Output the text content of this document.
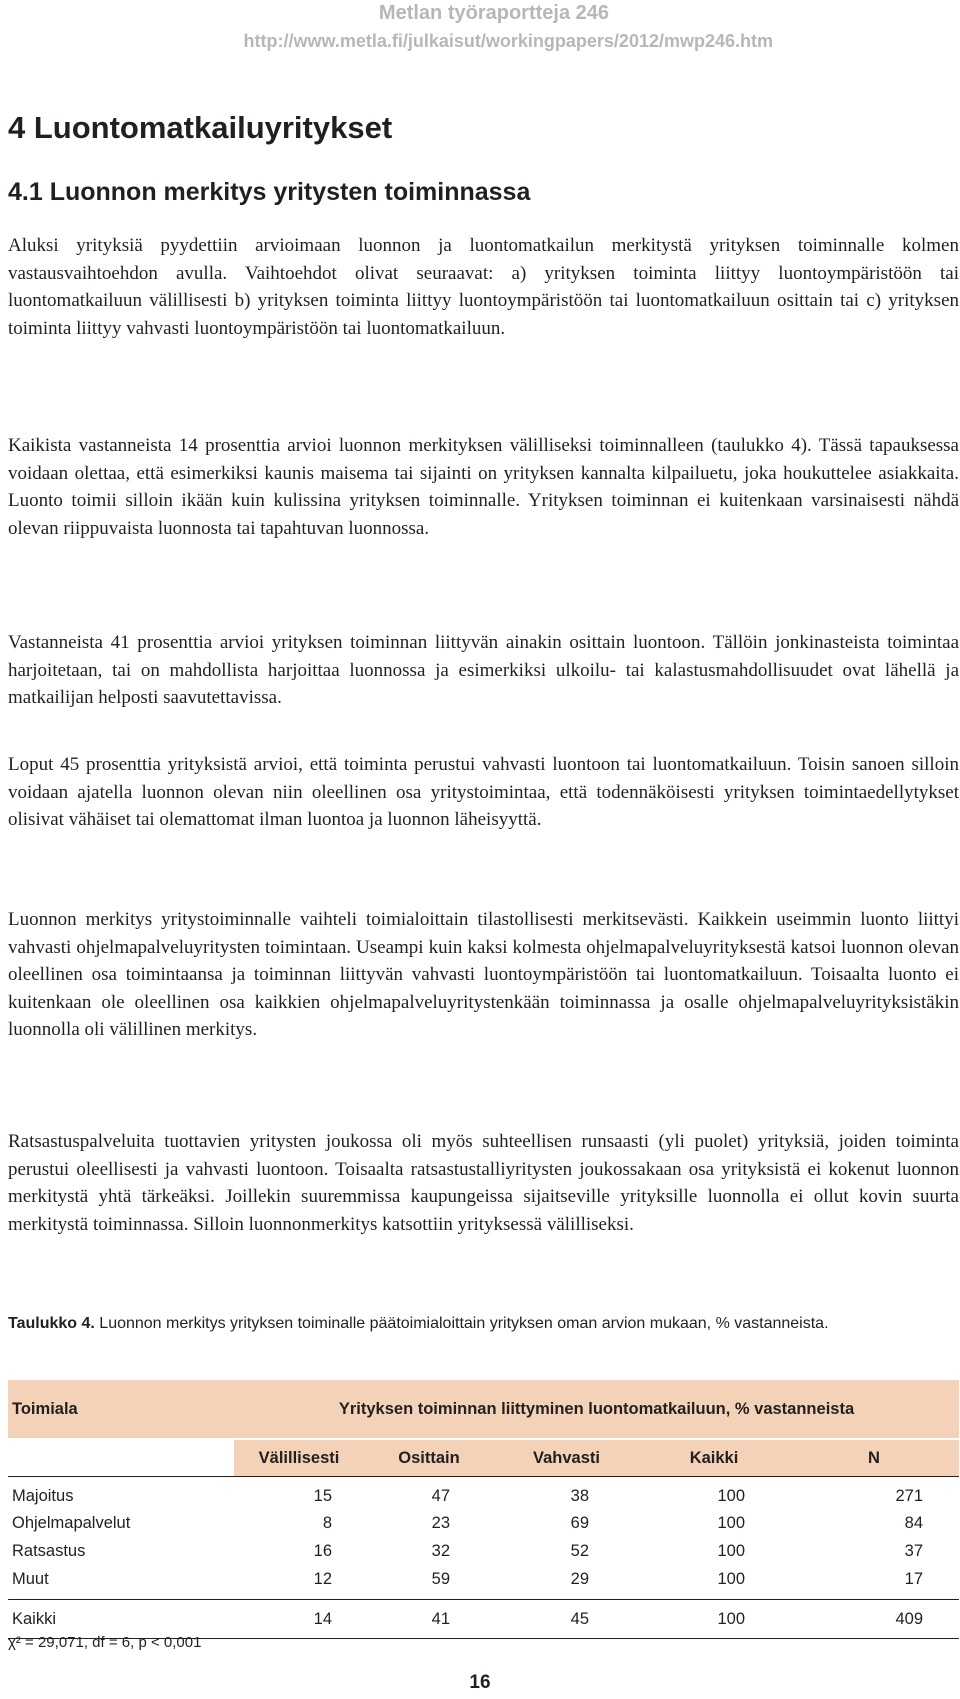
Metlan työraportteja 246
http://www.metla.fi/julkaisut/workingpapers/2012/mwp246.htm
4 Luontomatkailuyritykset
4.1 Luonnon merkitys yritysten toiminnassa

Aluksi yrityksiä pyydettiin arvioimaan luonnon ja luontomatkailun merkitystä yrityksen toiminnalle kolmen vastausvaihtoehdon avulla. Vaihtoehdot olivat seuraavat: a) yrityksen toiminta liittyy luontoympäristöön tai luontomatkailuun välillisesti b) yrityksen toiminta liittyy luontoympäristöön tai luontomatkailuun osittain tai c) yrityksen toiminta liittyy vahvasti luontoympäristöön tai luontomatkailuun.

Kaikista vastanneista 14 prosenttia arvioi luonnon merkityksen välilliseksi toiminnalleen (taulukko 4). Tässä tapauksessa voidaan olettaa, että esimerkiksi kaunis maisema tai sijainti on yrityksen kannalta kilpailuetu, joka houkuttelee asiakkaita. Luonto toimii silloin ikään kuin kulissina yrityksen toiminnalle. Yrityksen toiminnan ei kuitenkaan varsinaisesti nähdä olevan riippuvaista luonnosta tai tapahtuvan luonnossa.

Vastanneista 41 prosenttia arvioi yrityksen toiminnan liittyvän ainakin osittain luontoon. Tällöin jonkinasteista toimintaa harjoitetaan, tai on mahdollista harjoittaa luonnossa ja esimerkiksi ulkoilu- tai kalastusmahdollisuudet ovat lähellä ja matkailijan helposti saavutettavissa.

Loput 45 prosenttia yrityksistä arvioi, että toiminta perustui vahvasti luontoon tai luontomatkailuun. Toisin sanoen silloin voidaan ajatella luonnon olevan niin oleellinen osa yritystoimintaa, että todennäköisesti yrityksen toimintaedellytykset olisivat vähäiset tai olemattomat ilman luontoa ja luonnon läheisyyttä.

Luonnon merkitys yritystoiminnalle vaihteli toimialoittain tilastollisesti merkitsevästi. Kaikkein useimmin luonto liittyi vahvasti ohjelmapalveluyritysten toimintaan. Useampi kuin kaksi kolmesta ohjelmapalveluyrityksestä katsoi luonnon olevan oleellinen osa toimintaansa ja toiminnan liittyvän vahvasti luontoympäristöön tai luontomatkailuun. Toisaalta luonto ei kuitenkaan ole oleellinen osa kaikkien ohjelmapalveluyritystenkään toiminnassa ja osalle ohjelmapalveluyrityksistäkin luonnolla oli välillinen merkitys.

Ratsastuspalveluita tuottavien yritysten joukossa oli myös suhteellisen runsaasti (yli puolet) yrityksiä, joiden toiminta perustui oleellisesti ja vahvasti luontoon. Toisaalta ratsastustalliyritysten joukossakaan osa yrityksistä ei kokenut luonnon merkitystä yhtä tärkeäksi. Joillekin suuremmissa kaupungeissa sijaitseville yrityksille luonnolla ei ollut kovin suurta merkitystä toiminnassa. Silloin luonnonmerkitys katsottiin yrityksessä välilliseksi.

Taulukko 4. Luonnon merkitys yrityksen toiminalle päätoimialoittain yrityksen oman arvion mukaan, % vastanneista.

Toimiala	Yrityksen toiminnan liittyminen luontomatkailuun, % vastanneista				
	Välillisesti	Osittain	Vahvasti	Kaikki	N
Majoitus	15	47	38	100	271
Ohjelmapalvelut	8	23	69	100	84
Ratsastus	16	32	52	100	37
Muut	12	59	29	100	17
Kaikki	14	41	45	100	409
χ² = 29,071, df = 6, p < 0,001
16
